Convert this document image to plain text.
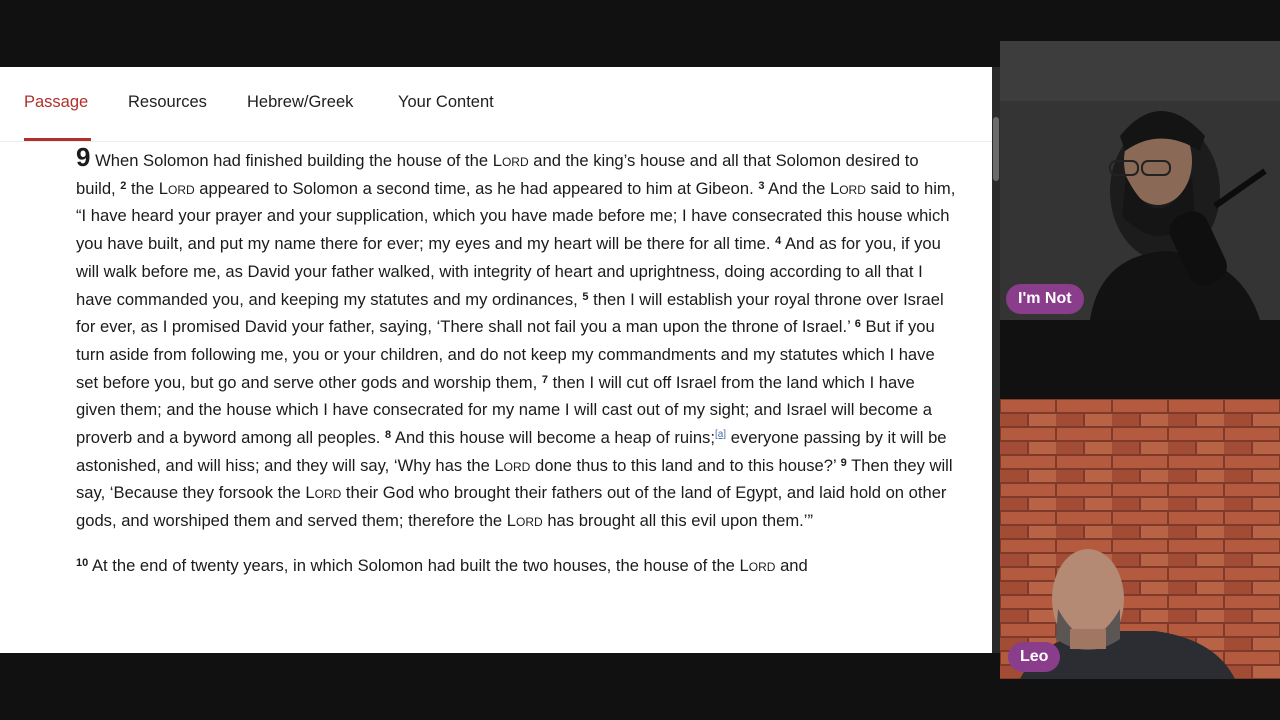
Passage Resources Hebrew/Greek	Your Content

9 When Solomon had finished building the house of the Lord and the king’s house and all that Solomon desired to build, $^2$ the Lord appeared to Solomon a second time, as he had appeared to him at Gibeon. $^3$ And the Lord said to him, “I have heard your prayer and your supplication, which you have made before me; I have consecrated this house which you have built, and put my name there for ever; my eyes and my heart will be there for all time. $^4$ And as for you, if you will walk before me, as David your father walked, with integrity of heart and uprightness, doing according to all that I have commanded you, and keeping my statutes and my ordinances, $^5$ then I will establish your royal throne over Israel for ever, as I promised David your father, saying, ‘There shall not fail you a man upon the throne of Israel.’ $^6$ But if you turn aside from following me, you or your children, and do not keep my commandments and my statutes which I have set before you, but go and serve other gods and worship them, $^7$ then I will cut off Israel from the land which I have given them; and the house which I have consecrated for my name I will cast out of my sight; and Israel will become a proverb and a byword among all peoples. $^8$ And this house will become a heap of ruins;[a] everyone passing by it will be astonished, and will hiss; and they will say, ‘Why has the Lord done thus to this land and to this house?’ $^9$ Then they will say, ‘Because they forsook the Lord their God who brought their fathers out of the land of Egypt, and laid hold on other gods, and worshiped them and served them; therefore the Lord has brought all this evil upon them.’”

$^{10}$ At the end of twenty years, in which Solomon had built the two houses, the house of the Lord and

I'm Not
Leo
